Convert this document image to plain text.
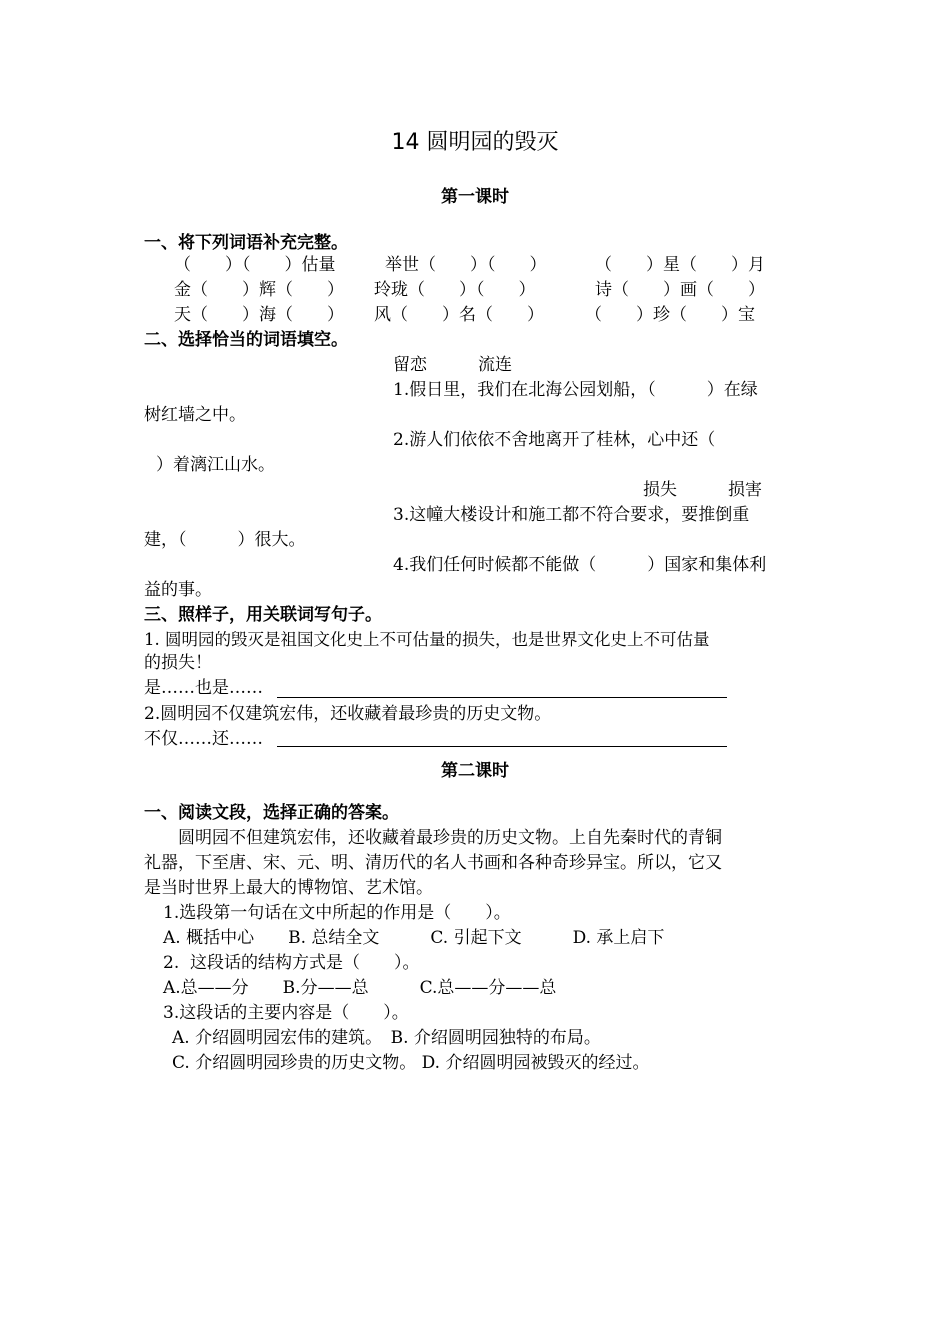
14 圆明园的毁灭
第一课时
一、将下列词语补充完整。
（　　）（　　）估量	举世（　　）（　　）	（　　）星（　　）月
金（　　）辉（　　） 玲珑（　　）（　　）	诗（　　）画（　　）
天（　　）海（　　） 风（　　）名（　　） （　　）珍（　　）宝
二、选择恰当的词语填空。
留恋　　　流连
1.假日里，我们在北海公园划船，（　　　）在绿
树红墙之中。
2.游人们依依不舍地离开了桂林，心中还（
）着漓江山水。
损失　　　损害
3.这幢大楼设计和施工都不符合要求，要推倒重
建，（　　　）很大。
4.我们任何时候都不能做（　　　）国家和集体利
益的事。
三、照样子，用关联词写句子。
1. 圆明园的毁灭是祖国文化史上不可估量的损失，也是世界文化史上不可估量
的损失！
是……也是……
2.圆明园不仅建筑宏伟，还收藏着最珍贵的历史文物。
不仅……还……
第二课时
一、阅读文段，选择正确的答案。
　　圆明园不但建筑宏伟，还收藏着最珍贵的历史文物。上自先秦时代的青铜
礼器，下至唐、宋、元、明、清历代的名人书画和各种奇珍异宝。所以，它又
是当时世界上最大的博物馆、艺术馆。
1.选段第一句话在文中所起的作用是（　　）。
A. 概括中心　　B. 总结全文　　　C. 引起下文　　　D. 承上启下
2.  这段话的结构方式是（　　）。
A.总——分　　B.分——总　　　C.总——分——总
3.这段话的主要内容是（　　）。
A. 介绍圆明园宏伟的建筑。　B. 介绍圆明园独特的布局。
C. 介绍圆明园珍贵的历史文物。 D. 介绍圆明园被毁灭的经过。
